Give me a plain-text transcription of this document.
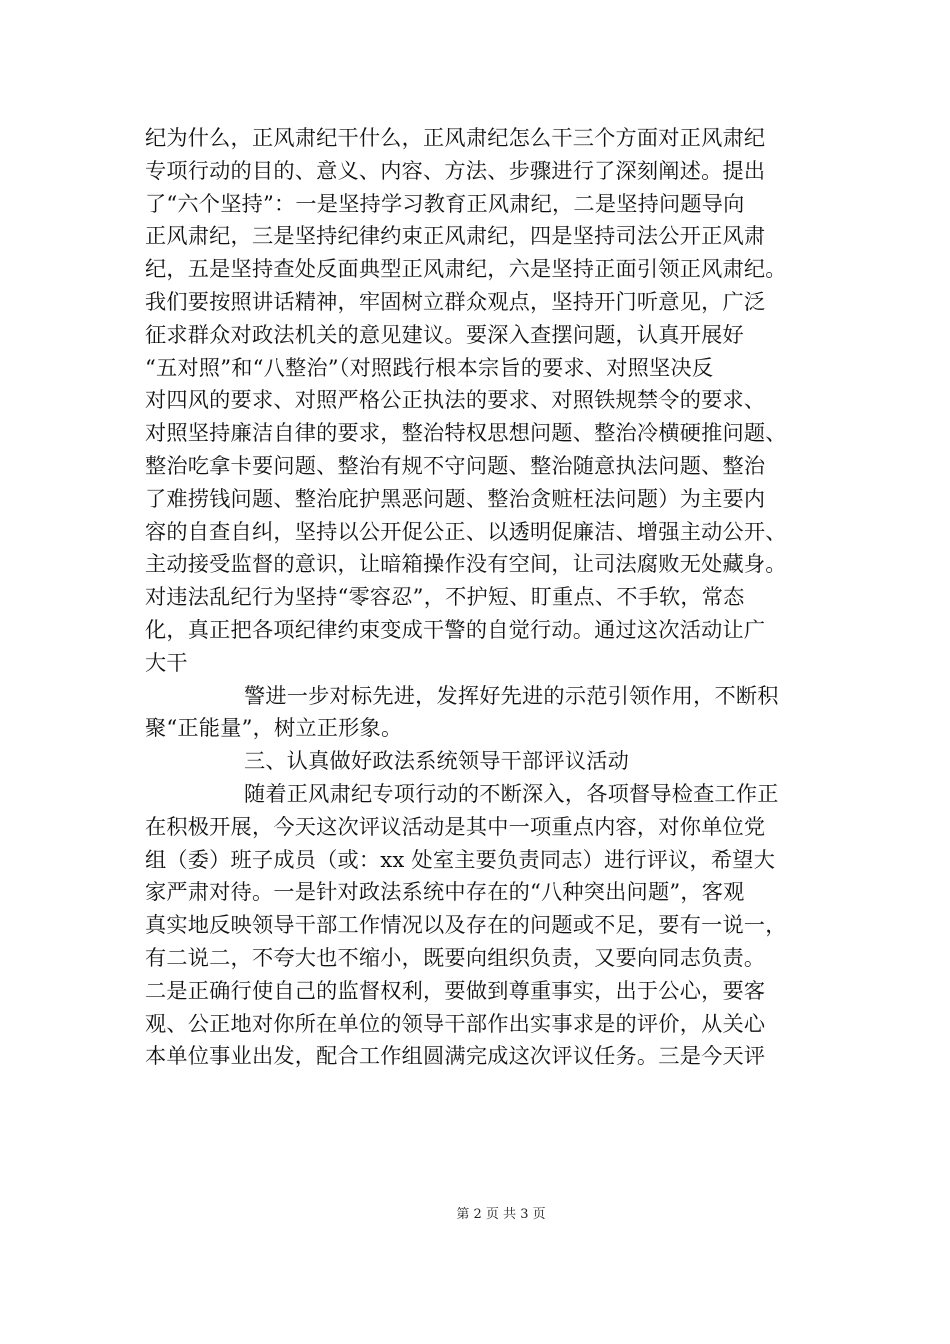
纪为什么，正风肃纪干什么，正风肃纪怎么干三个方面对正风肃纪
专项行动的目的、意义、内容、方法、步骤进行了深刻阐述。提出
了“六个坚持”：一是坚持学习教育正风肃纪，二是坚持问题导向
正风肃纪，三是坚持纪律约束正风肃纪，四是坚持司法公开正风肃
纪，五是坚持查处反面典型正风肃纪，六是坚持正面引领正风肃纪。
我们要按照讲话精神，牢固树立群众观点，坚持开门听意见，广泛
征求群众对政法机关的意见建议。要深入查摆问题，认真开展好
“五对照”和“八整治”（对照践行根本宗旨的要求、对照坚决反
对四风的要求、对照严格公正执法的要求、对照铁规禁令的要求、
对照坚持廉洁自律的要求，整治特权思想问题、整治冷横硬推问题、
整治吃拿卡要问题、整治有规不守问题、整治随意执法问题、整治
了难捞钱问题、整治庇护黑恶问题、整治贪赃枉法问题）为主要内
容的自查自纠，坚持以公开促公正、以透明促廉洁、增强主动公开、
主动接受监督的意识，让暗箱操作没有空间，让司法腐败无处藏身。
对违法乱纪行为坚持“零容忍”，不护短、盯重点、不手软，常态
化，真正把各项纪律约束变成干警的自觉行动。通过这次活动让广
大干
警进一步对标先进，发挥好先进的示范引领作用，不断积
聚“正能量”，树立正形象。
三、认真做好政法系统领导干部评议活动
随着正风肃纪专项行动的不断深入，各项督导检查工作正
在积极开展，今天这次评议活动是其中一项重点内容，对你单位党
组（委）班子成员（或：xx 处室主要负责同志）进行评议，希望大
家严肃对待。一是针对政法系统中存在的“八种突出问题”，客观
真实地反映领导干部工作情况以及存在的问题或不足，要有一说一，
有二说二，不夸大也不缩小，既要向组织负责，又要向同志负责。
二是正确行使自己的监督权利，要做到尊重事实，出于公心，要客
观、公正地对你所在单位的领导干部作出实事求是的评价，从关心
本单位事业出发，配合工作组圆满完成这次评议任务。三是今天评
第 2 页 共 3 页
